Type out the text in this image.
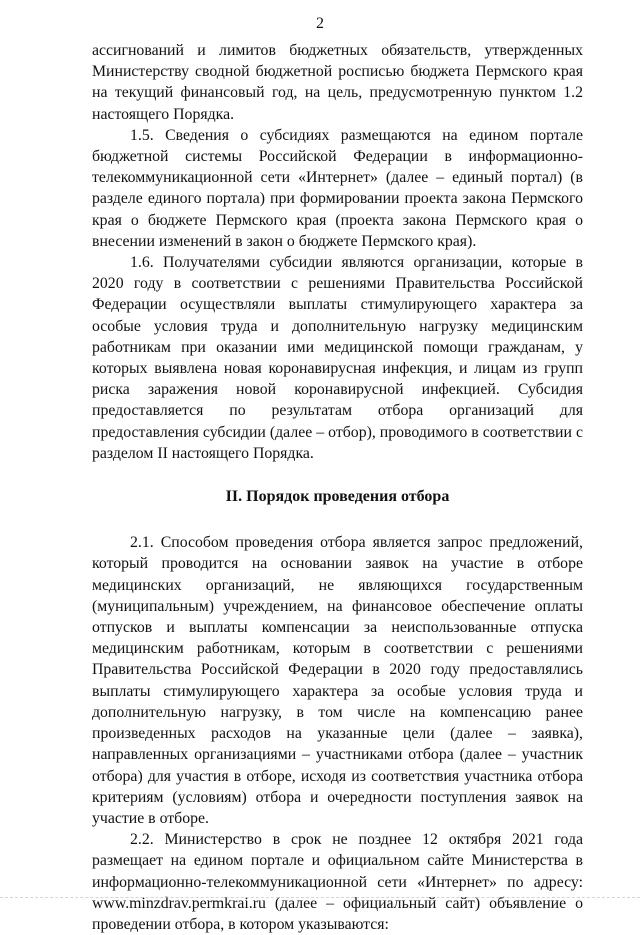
2

ассигнований и лимитов бюджетных обязательств, утвержденных Министерству сводной бюджетной росписью бюджета Пермского края на текущий финансовый год, на цель, предусмотренную пунктом 1.2 настоящего Порядка.

1.5. Сведения о субсидиях размещаются на едином портале бюджетной системы Российской Федерации в информационно-телекоммуникационной сети «Интернет» (далее – единый портал) (в разделе единого портала) при формировании проекта закона Пермского края о бюджете Пермского края (проекта закона Пермского края о внесении изменений в закон о бюджете Пермского края).

1.6. Получателями субсидии являются организации, которые в 2020 году в соответствии с решениями Правительства Российской Федерации осуществляли выплаты стимулирующего характера за особые условия труда и дополнительную нагрузку медицинским работникам при оказании ими медицинской помощи гражданам, у которых выявлена новая коронавирусная инфекция, и лицам из групп риска заражения новой коронавирусной инфекцией. Субсидия предоставляется по результатам отбора организаций для предоставления субсидии (далее – отбор), проводимого в соответствии с разделом II настоящего Порядка.

II. Порядок проведения отбора

2.1. Способом проведения отбора является запрос предложений, который проводится на основании заявок на участие в отборе медицинских организаций, не являющихся государственным (муниципальным) учреждением, на финансовое обеспечение оплаты отпусков и выплаты компенсации за неиспользованные отпуска медицинским работникам, которым в соответствии с решениями Правительства Российской Федерации в 2020 году предоставлялись выплаты стимулирующего характера за особые условия труда и дополнительную нагрузку, в том числе на компенсацию ранее произведенных расходов на указанные цели (далее – заявка), направленных организациями – участниками отбора (далее – участник отбора) для участия в отборе, исходя из соответствия участника отбора критериям (условиям) отбора и очередности поступления заявок на участие в отборе.

2.2. Министерство в срок не позднее 12 октября 2021 года размещает на едином портале и официальном сайте Министерства в информационно-телекоммуникационной сети «Интернет» по адресу: www.minzdrav.permkrai.ru (далее – официальный сайт) объявление о проведении отбора, в котором указываются:
